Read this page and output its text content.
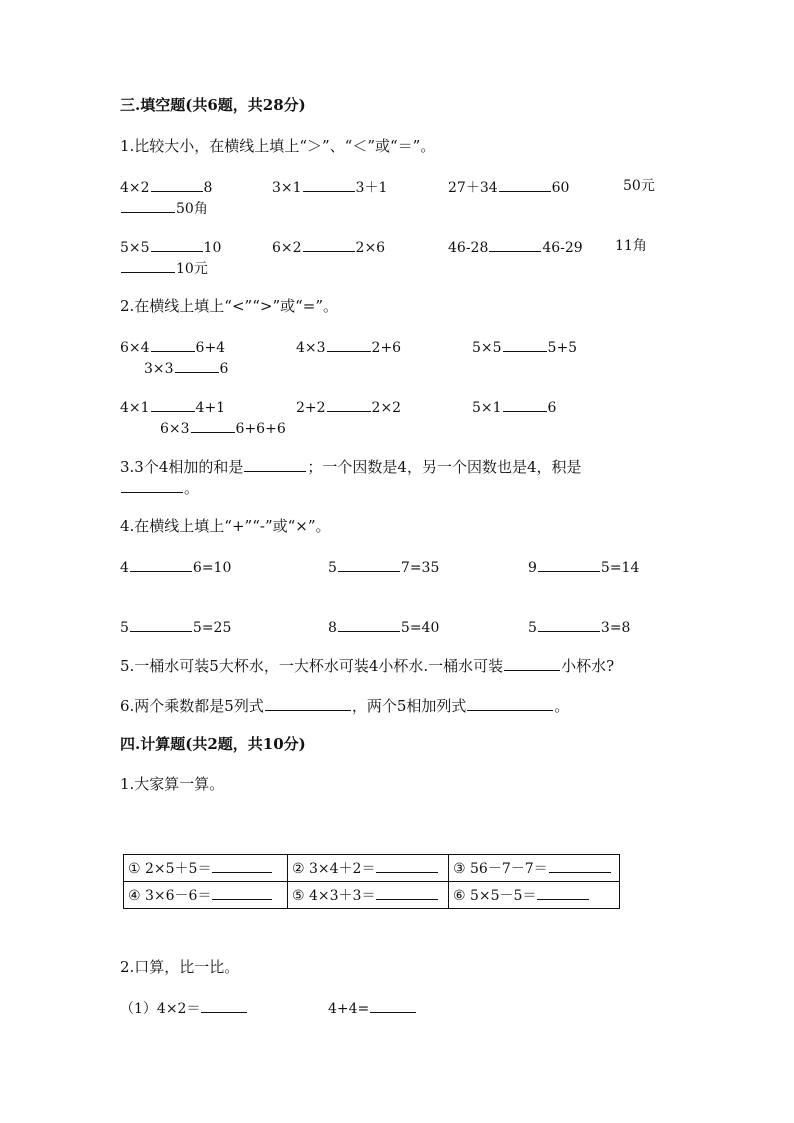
三.填空题(共6题，共28分)
1.比较大小，在横线上填上“＞”、“＜”或“＝”。
4×2	8	3×1	3＋1	27＋34	60	50元
50角
5×5	10	6×2	2×6	46-28	46-29 11角
10元
2.在横线上填上“<”“>”或“=”。
6×4	6+4	4×3	2+6	5×5	5+5
3×3	6
4×1	4+1	2+2	2×2	5×1	6
6×3	6+6+6
3.3个4相加的和是	；一个因数是4，另一个因数也是4，积是
。
4.在横线上填上“+”“-”或“×”。
4	6=10	5	7=35	9	5=14
5	5=25	8	5=40	5	3=8
5.一桶水可装5大杯水，一大杯水可装4小杯水.一桶水可装	小杯水?
6.两个乘数都是5列式	，两个5相加列式	。
四.计算题(共2题，共10分)
1.大家算一算。
① 2×5＋5＝	② 3×4＋2＝	③ 56－7－7＝
④ 3×6－6＝	⑤ 4×3＋3＝	⑥ 5×5－5＝
2.口算，比一比。
（1）4×2＝	4+4=
